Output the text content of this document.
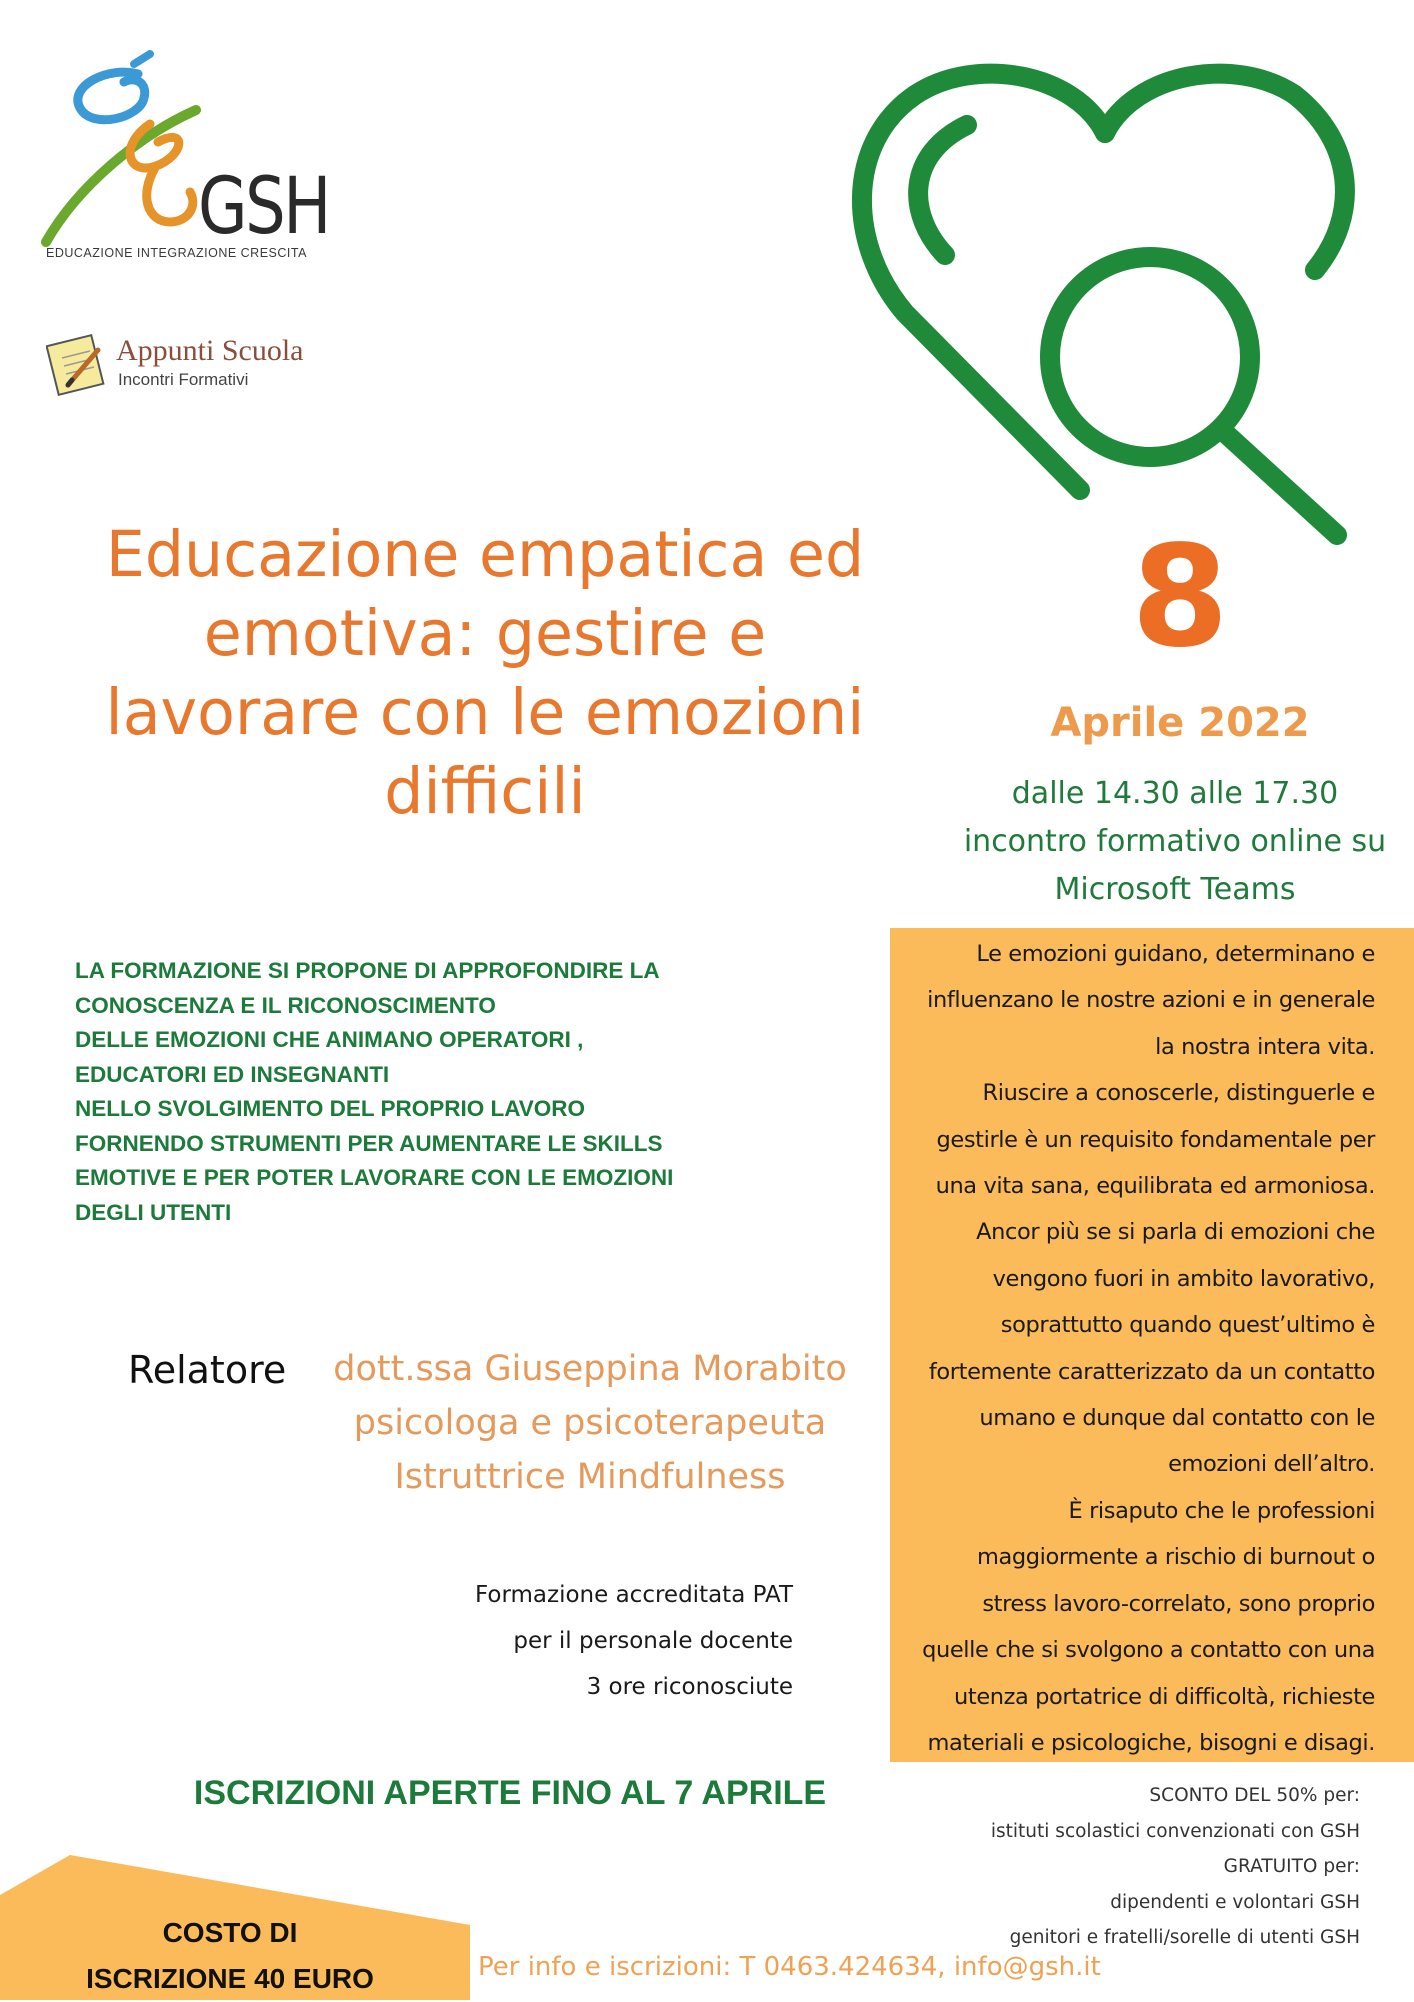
GSH
EDUCAZIONE INTEGRAZIONE CRESCITA
Appunti Scuola
Incontri Formativi
Educazione empatica ed
emotiva: gestire e
lavorare con le emozioni
difficili
8
Aprile 2022
dalle 14.30 alle 17.30
incontro formativo online su
Microsoft Teams
LA FORMAZIONE SI PROPONE DI APPROFONDIRE LA
CONOSCENZA E IL RICONOSCIMENTO
DELLE EMOZIONI CHE ANIMANO OPERATORI ,
EDUCATORI ED INSEGNANTI
NELLO SVOLGIMENTO DEL PROPRIO LAVORO
FORNENDO STRUMENTI PER AUMENTARE LE SKILLS
EMOTIVE E PER POTER LAVORARE CON LE EMOZIONI
DEGLI UTENTI
Le emozioni guidano, determinano e
influenzano le nostre azioni e in generale
la nostra intera vita.
Riuscire a conoscerle, distinguerle e
gestirle è un requisito fondamentale per
una vita sana, equilibrata ed armoniosa.
Ancor più se si parla di emozioni che
vengono fuori in ambito lavorativo,
soprattutto quando quest’ultimo è
fortemente caratterizzato da un contatto
umano e dunque dal contatto con le
emozioni dell’altro.
È risaputo che le professioni
maggiormente a rischio di burnout o
stress lavoro-correlato, sono proprio
quelle che si svolgono a contatto con una
utenza portatrice di difficoltà, richieste
materiali e psicologiche, bisogni e disagi.
Relatore	dott.ssa Giuseppina Morabito
psicologa e psicoterapeuta
Istruttrice Mindfulness
Formazione accreditata PAT
per il personale docente
3 ore riconosciute
ISCRIZIONI APERTE FINO AL 7 APRILE	SCONTO DEL 50% per:
istituti scolastici convenzionati con GSH
GRATUITO per:
dipendenti e volontari GSH
genitori e fratelli/sorelle di utenti GSH
COSTO DI
ISCRIZIONE 40 EURO	Per info e iscrizioni: T 0463.424634, info@gsh.it
